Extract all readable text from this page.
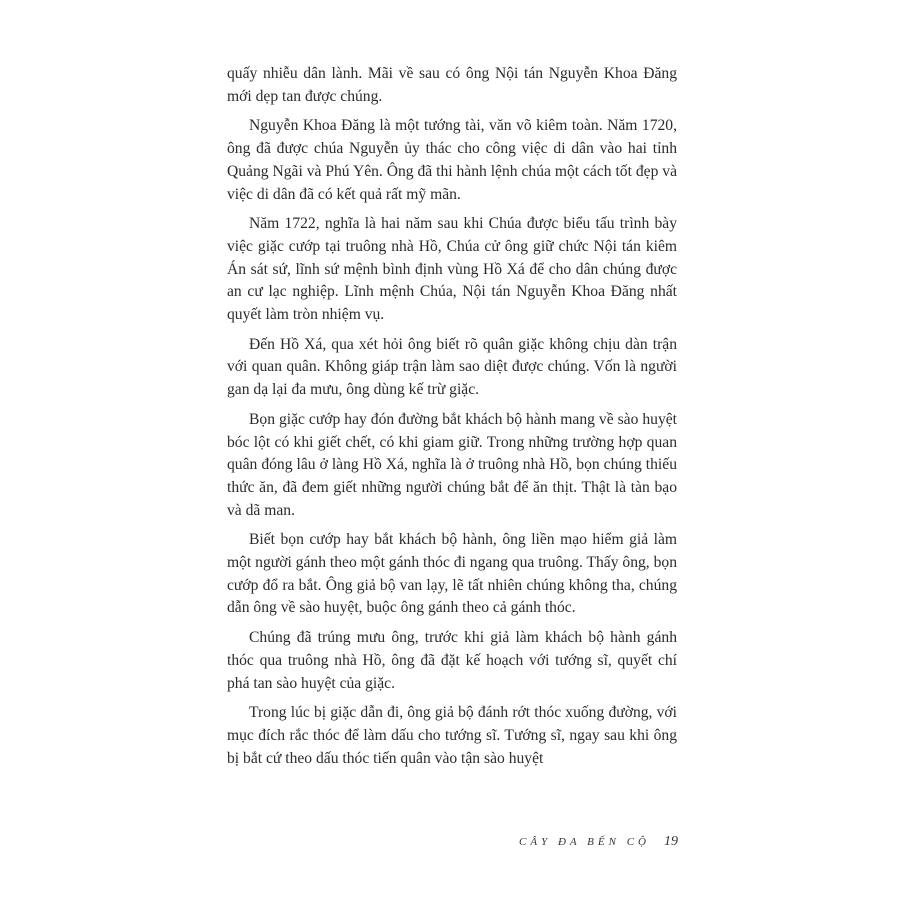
quấy nhiễu dân lành. Mãi về sau có ông Nội tán Nguyễn Khoa Đăng mới dẹp tan được chúng.

Nguyễn Khoa Đăng là một tướng tài, văn võ kiêm toàn. Năm 1720, ông đã được chúa Nguyễn ủy thác cho công việc di dân vào hai tỉnh Quảng Ngãi và Phú Yên. Ông đã thi hành lệnh chúa một cách tốt đẹp và việc di dân đã có kết quả rất mỹ mãn.

Năm 1722, nghĩa là hai năm sau khi Chúa được biểu tấu trình bày việc giặc cướp tại truông nhà Hồ, Chúa cử ông giữ chức Nội tán kiêm Án sát sứ, lĩnh sứ mệnh bình định vùng Hồ Xá để cho dân chúng được an cư lạc nghiệp. Lĩnh mệnh Chúa, Nội tán Nguyễn Khoa Đăng nhất quyết làm tròn nhiệm vụ.

Đến Hồ Xá, qua xét hỏi ông biết rõ quân giặc không chịu dàn trận với quan quân. Không giáp trận làm sao diệt được chúng. Vốn là người gan dạ lại đa mưu, ông dùng kế trừ giặc.

Bọn giặc cướp hay đón đường bắt khách bộ hành mang về sào huyệt bóc lột có khi giết chết, có khi giam giữ. Trong những trường hợp quan quân đóng lâu ở làng Hồ Xá, nghĩa là ở truông nhà Hồ, bọn chúng thiếu thức ăn, đã đem giết những người chúng bắt để ăn thịt. Thật là tàn bạo và dã man.

Biết bọn cướp hay bắt khách bộ hành, ông liền mạo hiểm giả làm một người gánh theo một gánh thóc đi ngang qua truông. Thấy ông, bọn cướp đổ ra bắt. Ông giả bộ van lạy, lẽ tất nhiên chúng không tha, chúng dẫn ông về sào huyệt, buộc ông gánh theo cả gánh thóc.

Chúng đã trúng mưu ông, trước khi giả làm khách bộ hành gánh thóc qua truông nhà Hồ, ông đã đặt kế hoạch với tướng sĩ, quyết chí phá tan sào huyệt của giặc.

Trong lúc bị giặc dẫn đi, ông giả bộ đánh rớt thóc xuống đường, với mục đích rắc thóc để làm dấu cho tướng sĩ. Tướng sĩ, ngay sau khi ông bị bắt cứ theo dấu thóc tiến quân vào tận sào huyệt

CÂY ĐA BẾN CỘ 19
